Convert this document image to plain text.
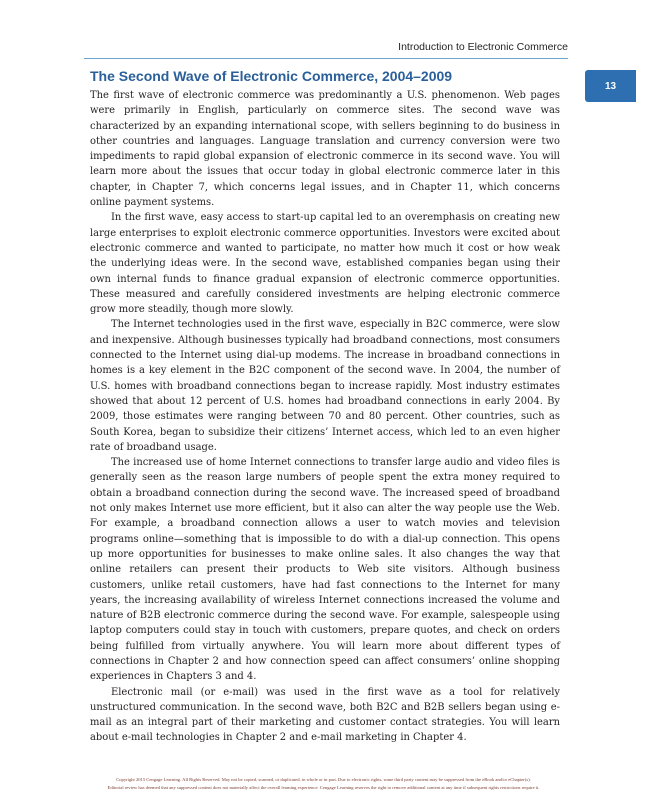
Introduction to Electronic Commerce
13
The Second Wave of Electronic Commerce, 2004–2009

The first wave of electronic commerce was predominantly a U.S. phenomenon. Web pages were primarily in English, particularly on commerce sites. The second wave was characterized by an expanding international scope, with sellers beginning to do business in other countries and languages. Language translation and currency conversion were two impediments to rapid global expansion of electronic commerce in its second wave. You will learn more about the issues that occur today in global electronic commerce later in this chapter, in Chapter 7, which concerns legal issues, and in Chapter 11, which concerns online payment systems.

In the first wave, easy access to start-up capital led to an overemphasis on creating new large enterprises to exploit electronic commerce opportunities. Investors were excited about electronic commerce and wanted to participate, no matter how much it cost or how weak the underlying ideas were. In the second wave, established companies began using their own internal funds to finance gradual expansion of electronic commerce opportunities. These measured and carefully considered investments are helping electronic commerce grow more steadily, though more slowly.

The Internet technologies used in the first wave, especially in B2C commerce, were slow and inexpensive. Although businesses typically had broadband connections, most consumers connected to the Internet using dial-up modems. The increase in broadband connections in homes is a key element in the B2C component of the second wave. In 2004, the number of U.S. homes with broadband connections began to increase rapidly. Most industry estimates showed that about 12 percent of U.S. homes had broadband connections in early 2004. By 2009, those estimates were ranging between 70 and 80 percent. Other countries, such as South Korea, began to subsidize their citizens’ Internet access, which led to an even higher rate of broadband usage.

The increased use of home Internet connections to transfer large audio and video files is generally seen as the reason large numbers of people spent the extra money required to obtain a broadband connection during the second wave. The increased speed of broadband not only makes Internet use more efficient, but it also can alter the way people use the Web. For example, a broadband connection allows a user to watch movies and television programs online—something that is impossible to do with a dial-up connection. This opens up more opportunities for businesses to make online sales. It also changes the way that online retailers can present their products to Web site visitors. Although business customers, unlike retail customers, have had fast connections to the Internet for many years, the increasing availability of wireless Internet connections increased the volume and nature of B2B electronic commerce during the second wave. For example, salespeople using laptop computers could stay in touch with customers, prepare quotes, and check on orders being fulfilled from virtually anywhere. You will learn more about different types of connections in Chapter 2 and how connection speed can affect consumers’ online shopping experiences in Chapters 3 and 4.

Electronic mail (or e-mail) was used in the first wave as a tool for relatively unstructured communication. In the second wave, both B2C and B2B sellers began using e-mail as an integral part of their marketing and customer contact strategies. You will learn about e-mail technologies in Chapter 2 and e-mail marketing in Chapter 4.

Copyright 2015 Cengage Learning. All Rights Reserved. May not be copied, scanned, or duplicated, in whole or in part. Due to electronic rights, some third party content may be suppressed from the eBook and/or eChapter(s).
Editorial review has deemed that any suppressed content does not materially affect the overall learning experience. Cengage Learning reserves the right to remove additional content at any time if subsequent rights restrictions require it.
